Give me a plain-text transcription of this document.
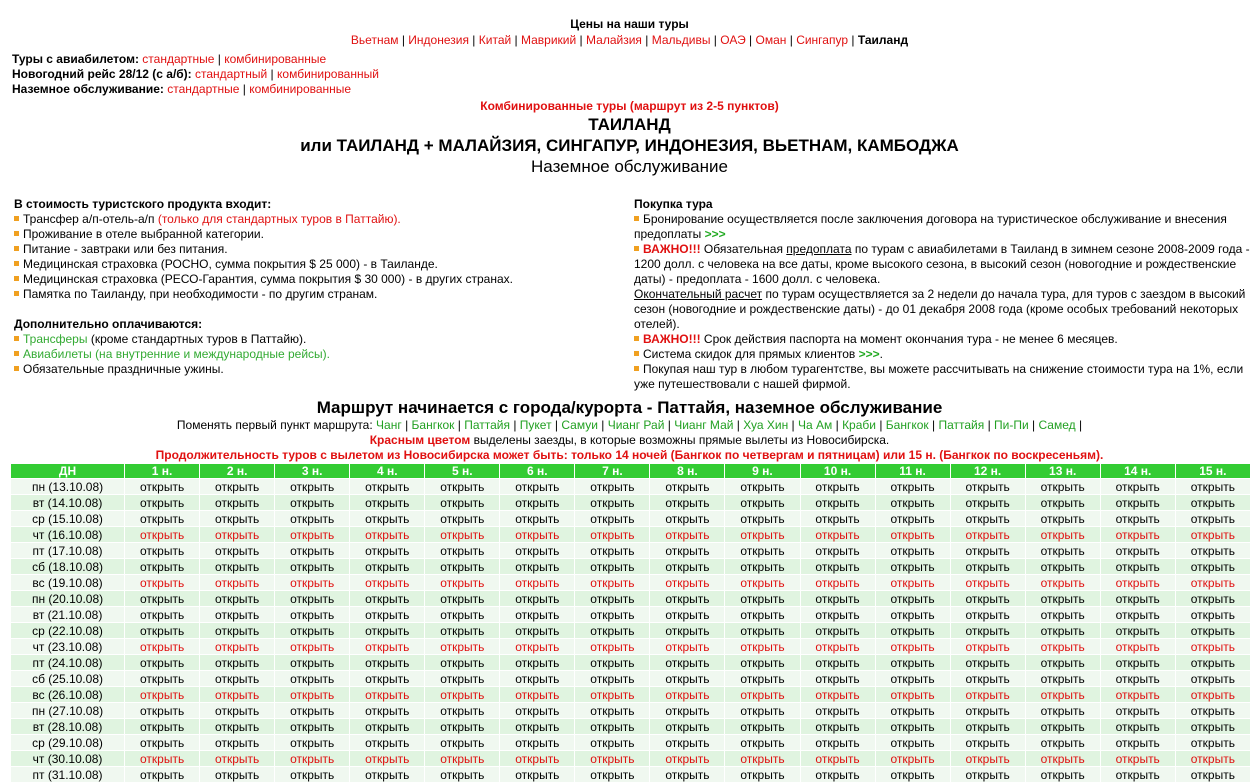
Цены на наши туры
Вьетнам | Индонезия | Китай | Маврикий | Малайзия | Мальдивы | ОАЭ | Оман | Сингапур | Таиланд
Туры с авиабилетом: стандартные | комбинированные
Новогодний рейс 28/12 (с а/б): стандартный | комбинированный
Наземное обслуживание: стандартные | комбинированные
Комбинированные туры (маршрут из 2-5 пунктов)
ТАИЛАНД
или ТАИЛАНД + МАЛАЙЗИЯ, СИНГАПУР, ИНДОНЕЗИЯ, ВЬЕТНАМ, КАМБОДЖА
Наземное обслуживание
В стоимость туристского продукта входит:
Трансфер а/п-отель-а/п (только для стандартных туров в Паттайю).
Проживание в отеле выбранной категории.
Питание - завтраки или без питания.
Медицинская страховка (РОСНО, сумма покрытия $ 25 000) - в Таиланде.
Медицинская страховка (РЕСО-Гарантия, сумма покрытия $ 30 000) - в других странах.
Памятка по Таиланду, при необходимости - по другим странам.
Дополнительно оплачиваются:
Трансферы (кроме стандартных туров в Паттайю).
Авиабилеты (на внутренние и международные рейсы).
Обязательные праздничные ужины.
Покупка тура
Бронирование осуществляется после заключения договора на туристическое обслуживание и внесения предоплаты >>>
ВАЖНО!!! Обязательная предоплата по турам с авиабилетами в Таиланд в зимнем сезоне 2008-2009 года - 1200 долл. с человека на все даты, кроме высокого сезона, в высокий сезон (новогодние и рождественские даты) - предоплата - 1600 долл. с человека.
Окончательный расчет по турам осуществляется за 2 недели до начала тура, для туров с заездом в высокий сезон (новогодние и рождественские даты) - до 01 декабря 2008 года (кроме особых требований некоторых отелей).
ВАЖНО!!! Срок действия паспорта на момент окончания тура - не менее 6 месяцев.
Система скидок для прямых клиентов >>>.
Покупая наш тур в любом турагентстве, вы можете рассчитывать на снижение стоимости тура на 1%, если уже путешествовали с нашей фирмой.
Маршрут начинается с города/курорта - Паттайя, наземное обслуживание
Поменять первый пункт маршрута: Чанг | Бангкок | Паттайя | Пукет | Самуи | Чианг Рай | Чианг Май | Хуа Хин | Ча Ам | Краби | Бангкок | Паттайя | Пи-Пи | Самед |
Красным цветом выделены заезды, в которые возможны прямые вылеты из Новосибирска.
Продолжительность туров с вылетом из Новосибирска может быть: только 14 ночей (Бангкок по четвергам и пятницам) или 15 н. (Бангкок по воскресеньям).
ДН	1 н.	2 н.	3 н.	4 н.	5 н.	6 н.	7 н.	8 н.	9 н.	10 н.	11 н.	12 н.	13 н.	14 н.	15 н.
пн (13.10.08)	открыть	открыть	открыть	открыть	открыть	открыть	открыть	открыть	открыть	открыть	открыть	открыть	открыть	открыть	открыть
вт (14.10.08)	открыть	открыть	открыть	открыть	открыть	открыть	открыть	открыть	открыть	открыть	открыть	открыть	открыть	открыть	открыть
ср (15.10.08)	открыть	открыть	открыть	открыть	открыть	открыть	открыть	открыть	открыть	открыть	открыть	открыть	открыть	открыть	открыть
чт (16.10.08)	открыть	открыть	открыть	открыть	открыть	открыть	открыть	открыть	открыть	открыть	открыть	открыть	открыть	открыть	открыть
пт (17.10.08)	открыть	открыть	открыть	открыть	открыть	открыть	открыть	открыть	открыть	открыть	открыть	открыть	открыть	открыть	открыть
сб (18.10.08)	открыть	открыть	открыть	открыть	открыть	открыть	открыть	открыть	открыть	открыть	открыть	открыть	открыть	открыть	открыть
вс (19.10.08)	открыть	открыть	открыть	открыть	открыть	открыть	открыть	открыть	открыть	открыть	открыть	открыть	открыть	открыть	открыть
пн (20.10.08)	открыть	открыть	открыть	открыть	открыть	открыть	открыть	открыть	открыть	открыть	открыть	открыть	открыть	открыть	открыть
вт (21.10.08)	открыть	открыть	открыть	открыть	открыть	открыть	открыть	открыть	открыть	открыть	открыть	открыть	открыть	открыть	открыть
ср (22.10.08)	открыть	открыть	открыть	открыть	открыть	открыть	открыть	открыть	открыть	открыть	открыть	открыть	открыть	открыть	открыть
чт (23.10.08)	открыть	открыть	открыть	открыть	открыть	открыть	открыть	открыть	открыть	открыть	открыть	открыть	открыть	открыть	открыть
пт (24.10.08)	открыть	открыть	открыть	открыть	открыть	открыть	открыть	открыть	открыть	открыть	открыть	открыть	открыть	открыть	открыть
сб (25.10.08)	открыть	открыть	открыть	открыть	открыть	открыть	открыть	открыть	открыть	открыть	открыть	открыть	открыть	открыть	открыть
вс (26.10.08)	открыть	открыть	открыть	открыть	открыть	открыть	открыть	открыть	открыть	открыть	открыть	открыть	открыть	открыть	открыть
пн (27.10.08)	открыть	открыть	открыть	открыть	открыть	открыть	открыть	открыть	открыть	открыть	открыть	открыть	открыть	открыть	открыть
вт (28.10.08)	открыть	открыть	открыть	открыть	открыть	открыть	открыть	открыть	открыть	открыть	открыть	открыть	открыть	открыть	открыть
ср (29.10.08)	открыть	открыть	открыть	открыть	открыть	открыть	открыть	открыть	открыть	открыть	открыть	открыть	открыть	открыть	открыть
чт (30.10.08)	открыть	открыть	открыть	открыть	открыть	открыть	открыть	открыть	открыть	открыть	открыть	открыть	открыть	открыть	открыть
пт (31.10.08)	открыть	открыть	открыть	открыть	открыть	открыть	открыть	открыть	открыть	открыть	открыть	открыть	открыть	открыть	открыть
